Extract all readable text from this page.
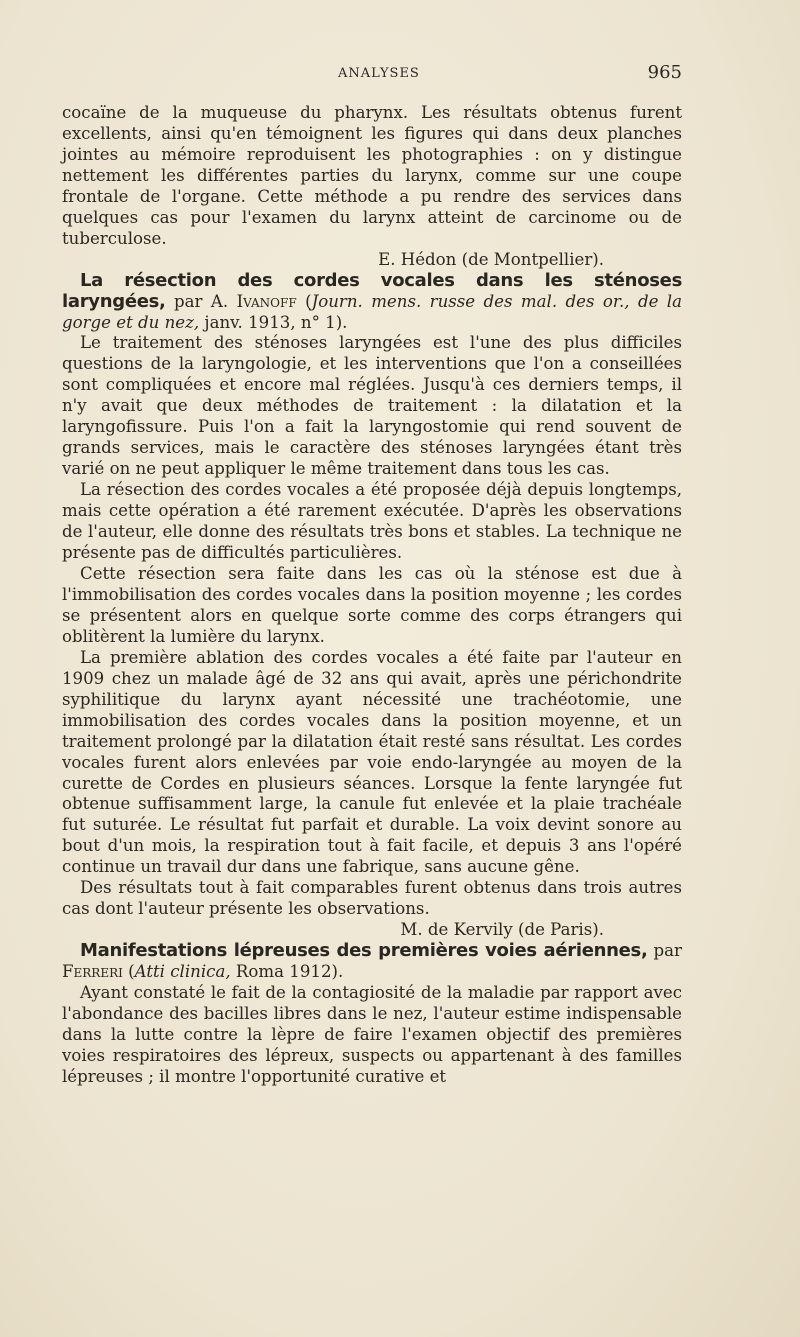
ANALYSES	965

cocaïne de la muqueuse du pharynx. Les résultats obtenus furent excellents, ainsi qu'en témoignent les figures qui dans deux planches jointes au mémoire reproduisent les photographies : on y distingue nettement les différentes parties du larynx, comme sur une coupe frontale de l'organe. Cette méthode a pu rendre des services dans quelques cas pour l'examen du larynx atteint de carcinome ou de tuberculose.

E. Hédon (de Montpellier).

La résection des cordes vocales dans les sténoses laryngées, par A. Ivanoff (Journ. mens. russe des mal. des or., de la gorge et du nez, janv. 1913, n° 1).

Le traitement des sténoses laryngées est l'une des plus difficiles questions de la laryngologie, et les interventions que l'on a conseillées sont compliquées et encore mal réglées. Jusqu'à ces derniers temps, il n'y avait que deux méthodes de traitement : la dilatation et la laryngofissure. Puis l'on a fait la laryngostomie qui rend souvent de grands services, mais le caractère des sténoses laryngées étant très varié on ne peut appliquer le même traitement dans tous les cas.

La résection des cordes vocales a été proposée déjà depuis longtemps, mais cette opération a été rarement exécutée. D'après les observations de l'auteur, elle donne des résultats très bons et stables. La technique ne présente pas de difficultés particulières.

Cette résection sera faite dans les cas où la sténose est due à l'immobilisation des cordes vocales dans la position moyenne ; les cordes se présentent alors en quelque sorte comme des corps étrangers qui oblitèrent la lumière du larynx.

La première ablation des cordes vocales a été faite par l'auteur en 1909 chez un malade âgé de 32 ans qui avait, après une périchondrite syphilitique du larynx ayant nécessité une trachéotomie, une immobilisation des cordes vocales dans la position moyenne, et un traitement prolongé par la dilatation était resté sans résultat. Les cordes vocales furent alors enlevées par voie endo-laryngée au moyen de la curette de Cordes en plusieurs séances. Lorsque la fente laryngée fut obtenue suffisamment large, la canule fut enlevée et la plaie trachéale fut suturée. Le résultat fut parfait et durable. La voix devint sonore au bout d'un mois, la respiration tout à fait facile, et depuis 3 ans l'opéré continue un travail dur dans une fabrique, sans aucune gêne.

Des résultats tout à fait comparables furent obtenus dans trois autres cas dont l'auteur présente les observations.

M. de Kervily (de Paris).

Manifestations lépreuses des premières voies aériennes, par Ferreri (Atti clinica, Roma 1912).

Ayant constaté le fait de la contagiosité de la maladie par rapport avec l'abondance des bacilles libres dans le nez, l'auteur estime indispensable dans la lutte contre la lèpre de faire l'examen objectif des premières voies respiratoires des lépreux, suspects ou appartenant à des familles lépreuses ; il montre l'opportunité curative et
